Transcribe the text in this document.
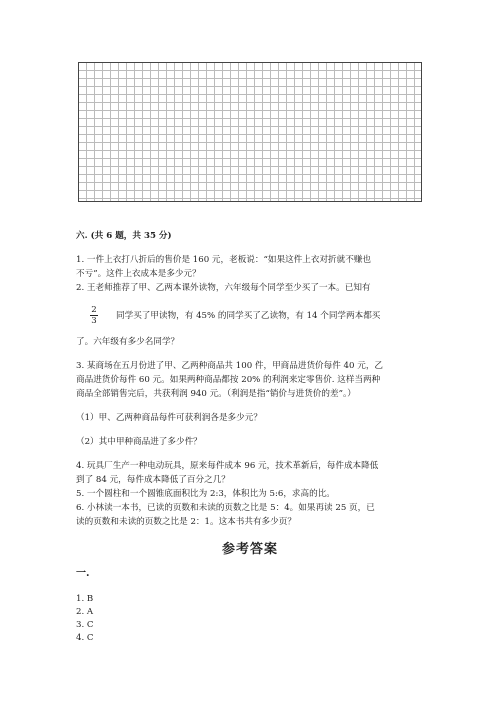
六. (共 6 题，共 35 分)
1. 一件上衣打八折后的售价是 160 元，老板说：“如果这件上衣对折就不赚也
不亏”。这件上衣成本是多少元？
2. 王老师推荐了甲、乙两本课外读物，六年级每个同学至少买了一本。已知有
$\frac{2}{3}$ 同学买了甲读物，有 45% 的同学买了乙读物，有 14 个同学两本都买
了。六年级有多少名同学？
3. 某商场在五月份进了甲、乙两种商品共 100 件，甲商品进货价每件 40 元，乙
商品进货价每件 60 元。如果两种商品都按 20% 的利润来定零售价. 这样当两种
商品全部销售完后，共获利润 940 元。（利润是指“销价与进货价的差”。）
（1）甲、乙两种商品每件可获利润各是多少元？
（2）其中甲种商品进了多少件？
4. 玩具厂生产一种电动玩具，原来每件成本 96 元，技术革新后，每件成本降低
到了 84 元，每件成本降低了百分之几？
5. 一个圆柱和一个圆锥底面积比为 2:3，体积比为 5:6，求高的比。
6. 小林读一本书，已读的页数和未读的页数之比是 5：4。如果再读 25 页，已
读的页数和未读的页数之比是 2：1。这本书共有多少页？
参考答案
一.
1. B
2. A
3. C
4. C
